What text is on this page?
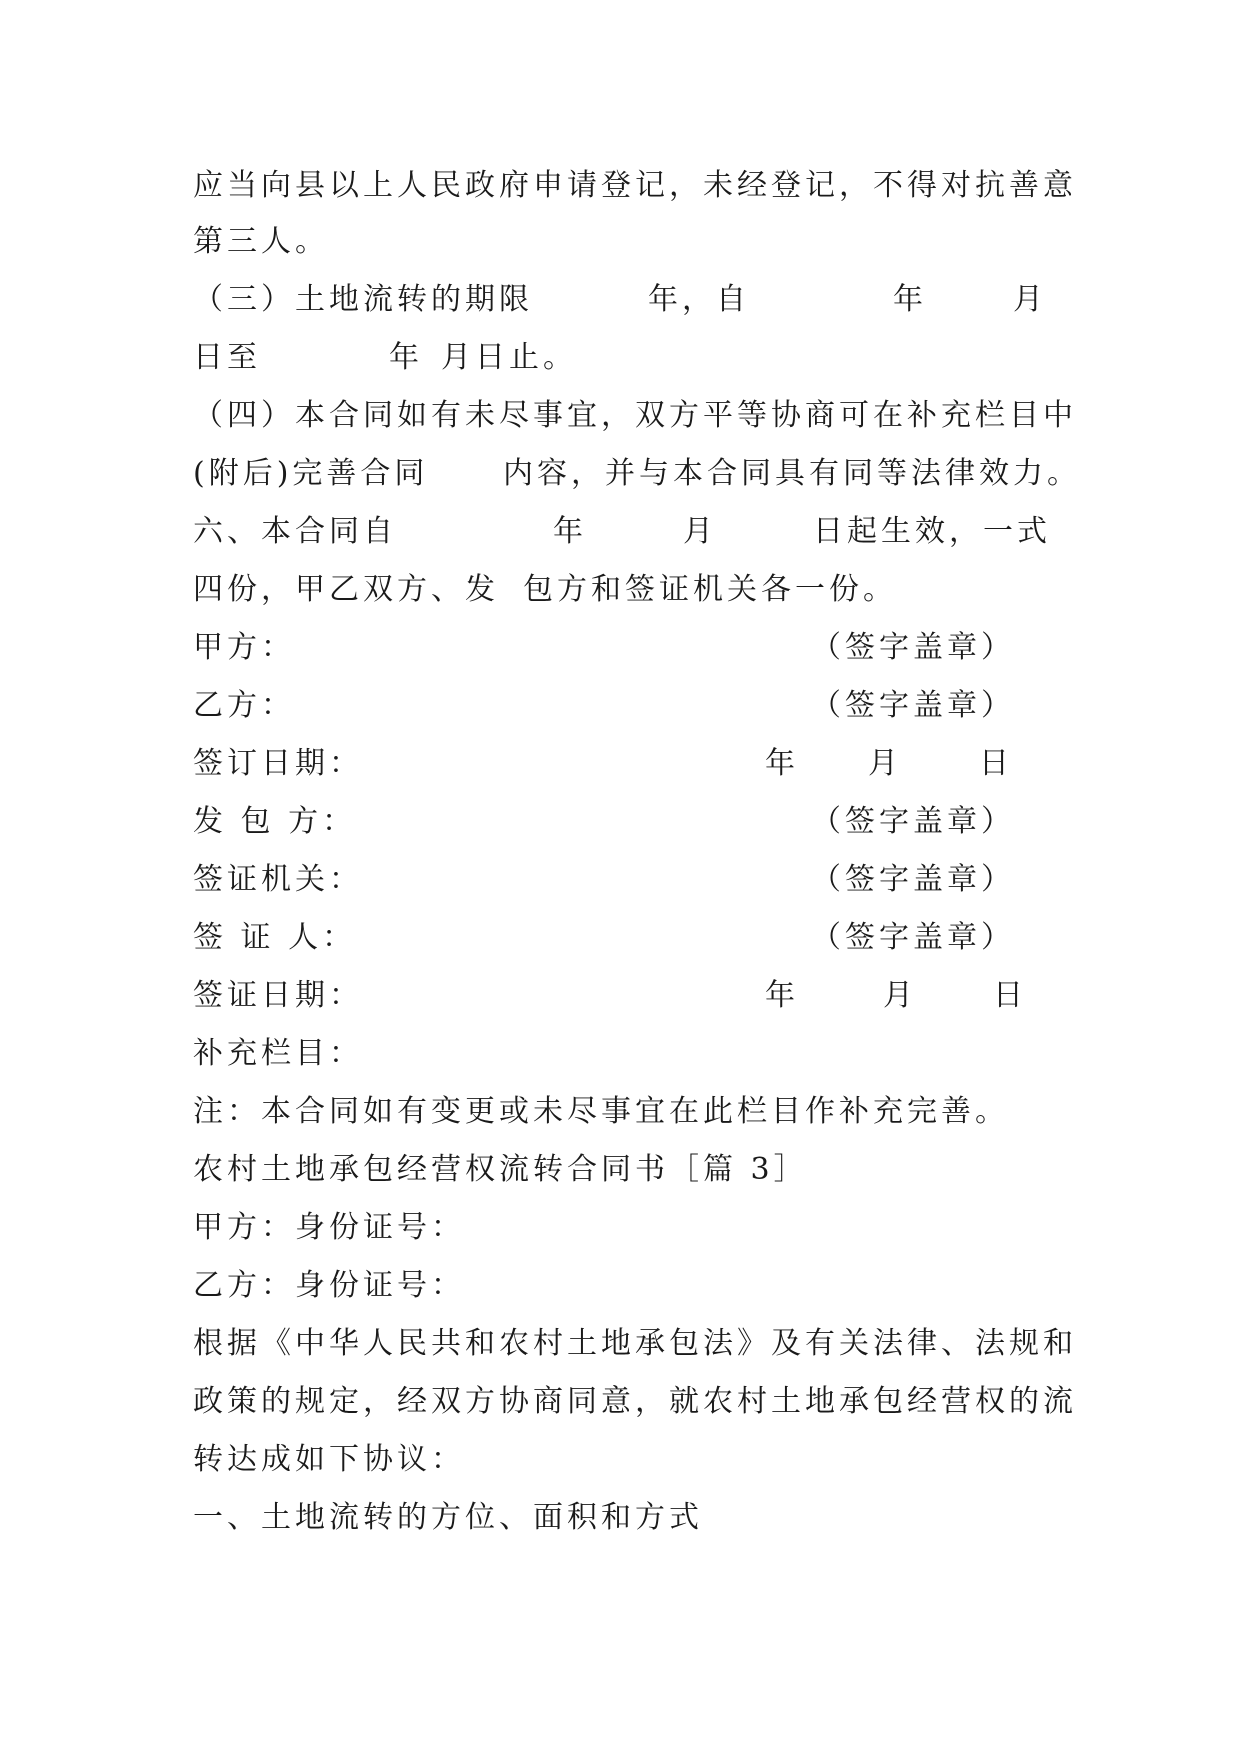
应当向县以上人民政府申请登记，未经登记，不得对抗善意
第三人。
（三）土地流转的期限	年，自	年	月
日至	年 月日止。
（四）本合同如有未尽事宜，双方平等协商可在补充栏目中
(附后)完善合同 内容，并与本合同具有同等法律效力。
六、本合同自	年	月	日起生效，一式
四份，甲乙双方、发 包方和签证机关各一份。
甲方：	（签字盖章）
乙方：	（签字盖章）
签订日期：	年 月	日
发 包 方：	（签字盖章）
签证机关：	（签字盖章）
签 证 人：	（签字盖章）
签证日期：	年	月	日
补充栏目：
注：本合同如有变更或未尽事宜在此栏目作补充完善。
农村土地承包经营权流转合同书［篇 3］
甲方：身份证号：
乙方：身份证号：
根据《中华人民共和农村土地承包法》及有关法律、法规和
政策的规定，经双方协商同意，就农村土地承包经营权的流
转达成如下协议：
一、土地流转的方位、面积和方式
